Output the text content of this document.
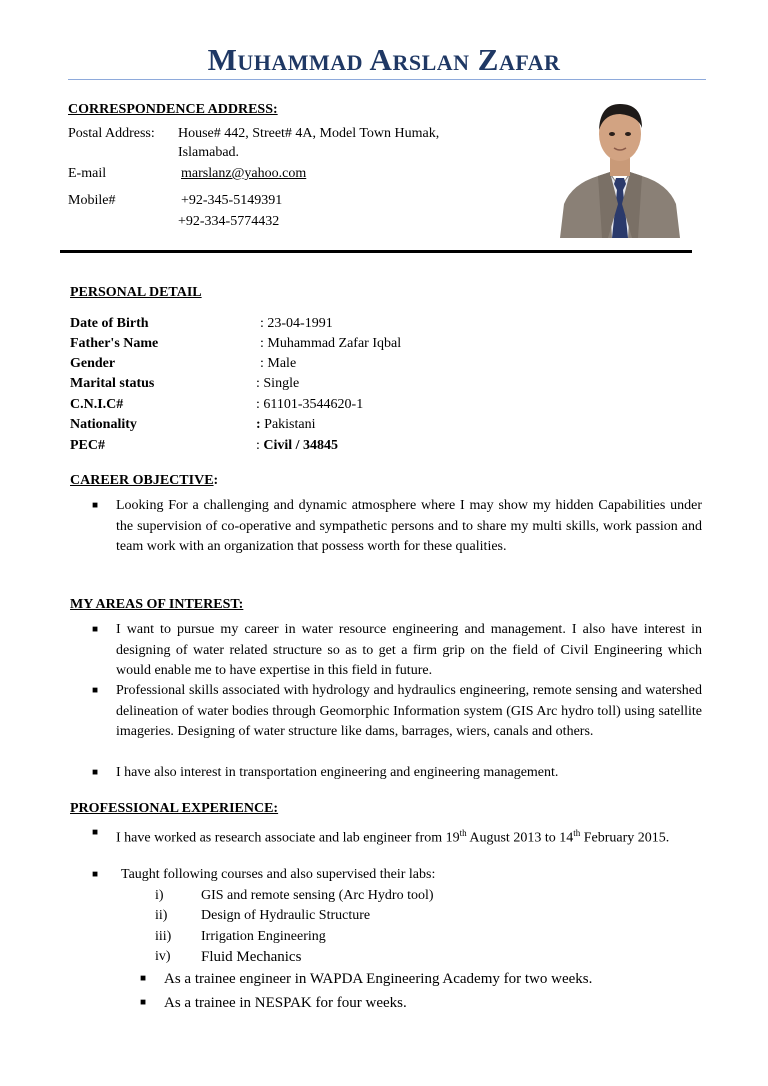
Muhammad Arslan Zafar
CORRESPONDENCE ADDRESS:
Postal Address: House# 442, Street# 4A, Model Town Humak,
Islamabad.
E-mail	marslanz@yahoo.com
Mobile#	+92-345-5149391
+92-334-5774432
PERSONAL DETAIL
Date of Birth	: 23-04-1991
Father's Name	: Muhammad Zafar Iqbal
Gender	: Male
Marital status	: Single
C.N.I.C#	: 61101-3544620-1
Nationality	: Pakistani
PEC#	: Civil / 34845
CAREER OBJECTIVE:
■ Looking For a challenging and dynamic atmosphere where I may show my hidden Capabilities under the supervision of co-operative and sympathetic persons and to share my multi skills, work passion and team work with an organization that possess worth for these qualities.
MY AREAS OF INTEREST:
■ I want to pursue my career in water resource engineering and management. I also have interest in designing of water related structure so as to get a firm grip on the field of Civil Engineering which would enable me to have expertise in this field in future.
■ Professional skills associated with hydrology and hydraulics engineering, remote sensing and watershed delineation of water bodies through Geomorphic Information system (GIS Arc hydro toll) using satellite imageries. Designing of water structure like dams, barrages, wiers, canals and others.
■ I have also interest in transportation engineering and engineering management.
PROFESSIONAL EXPERIENCE:
■ I have worked as research associate and lab engineer from 19th August 2013 to 14th February 2015.
■ Taught following courses and also supervised their labs:
i)	GIS and remote sensing (Arc Hydro tool)
ii) Design of Hydraulic Structure
iii) Irrigation Engineering
iv) Fluid Mechanics
■ As a trainee engineer in WAPDA Engineering Academy for two weeks.
■ As a trainee in NESPAK for four weeks.
